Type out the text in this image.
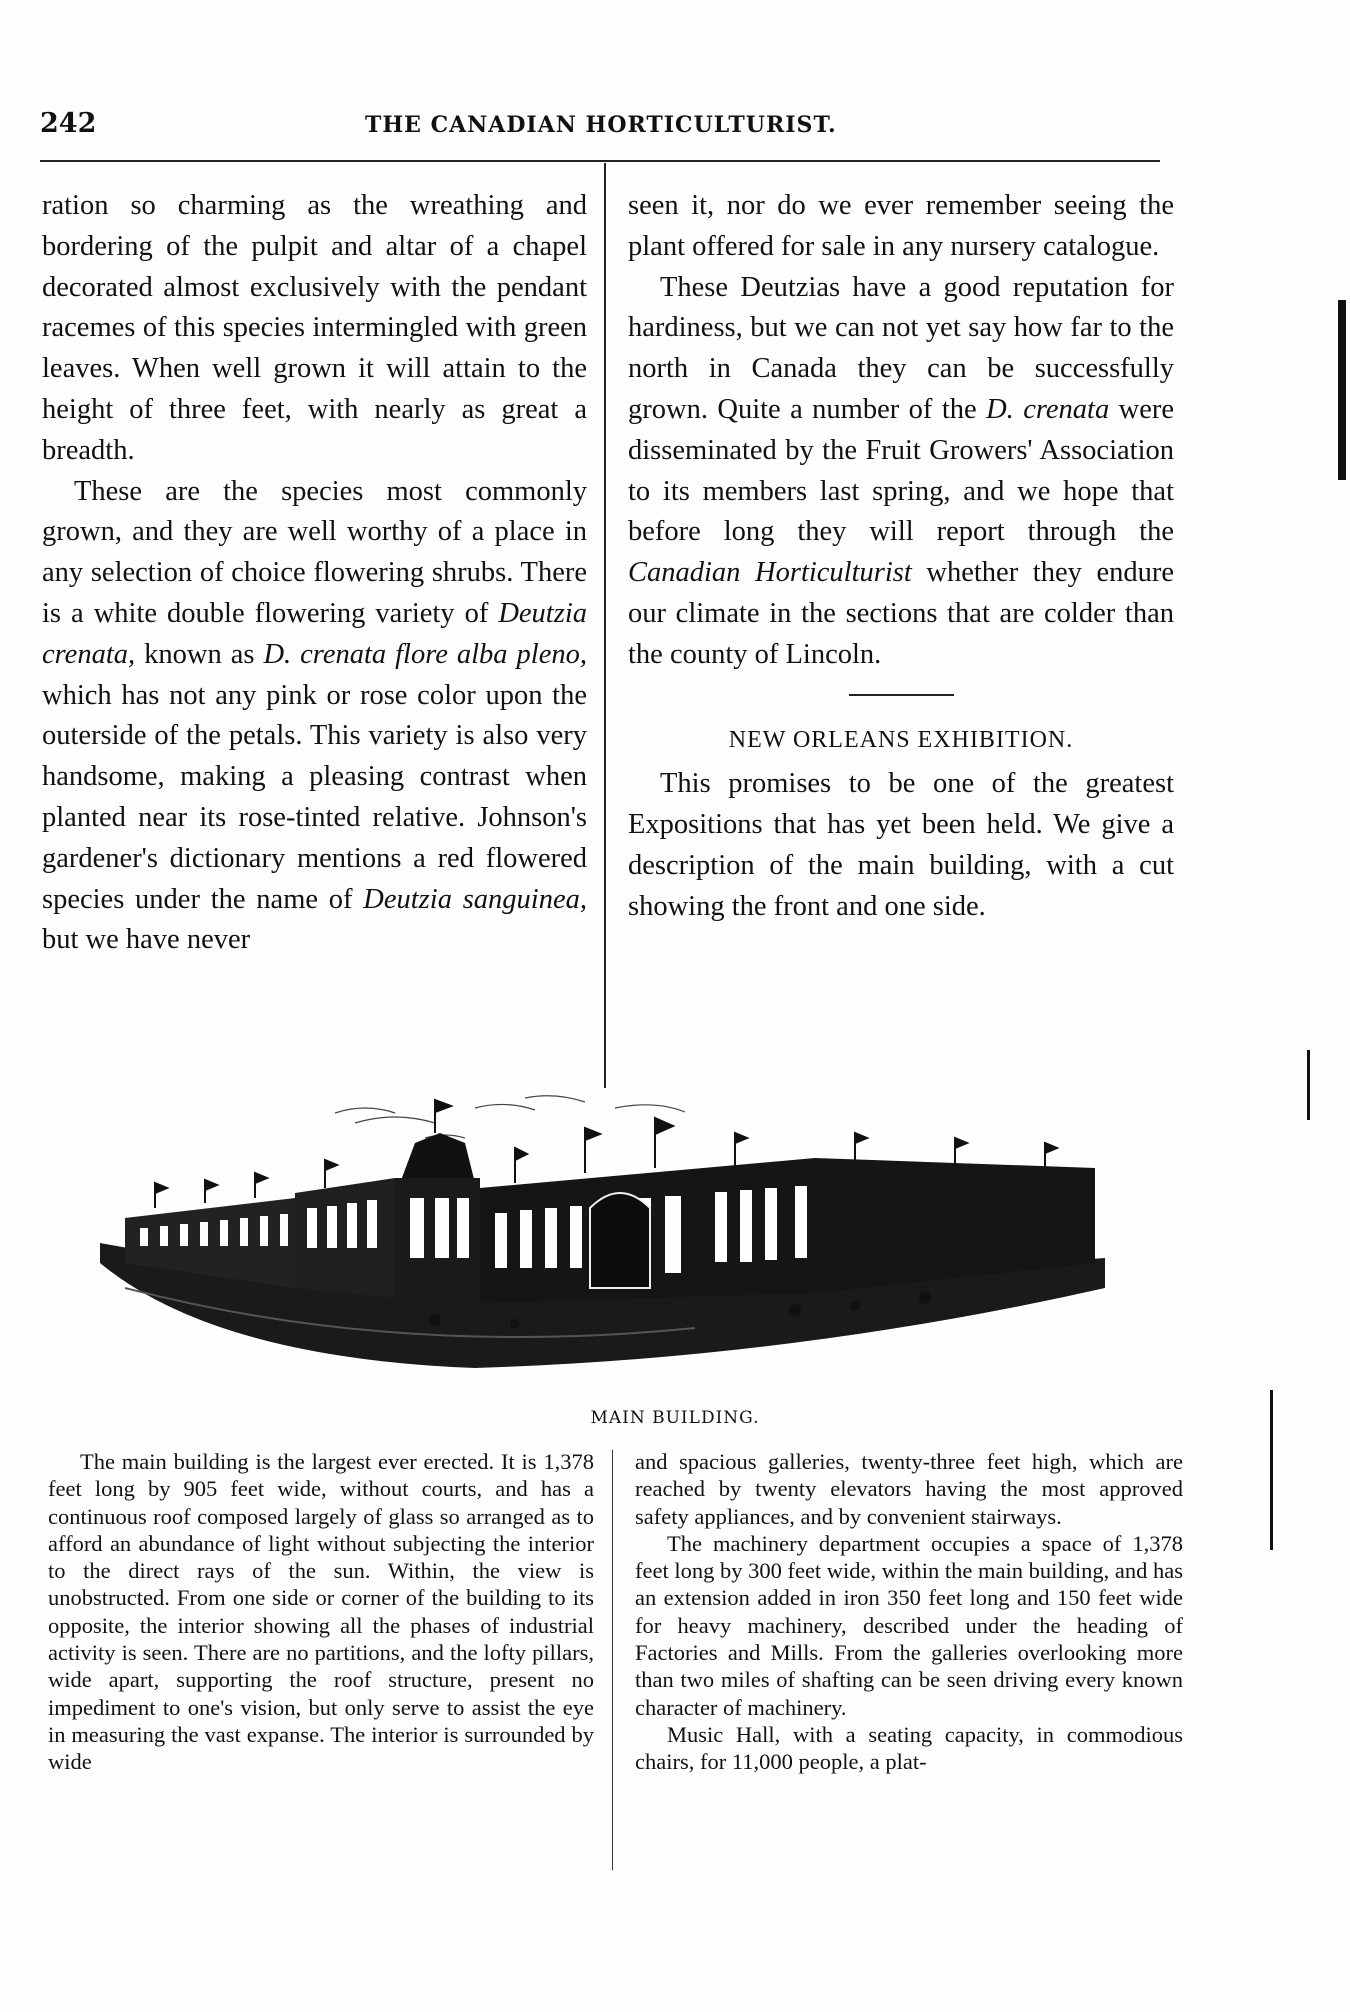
242	THE CANADIAN HORTICULTURIST.

ration so charming as the wreathing and bordering of the pulpit and altar of a chapel decorated almost exclusively with the pendant racemes of this species intermingled with green leaves. When well grown it will attain to the height of three feet, with nearly as great a breadth.

These are the species most commonly grown, and they are well worthy of a place in any selection of choice flowering shrubs. There is a white double flowering variety of Deutzia crenata, known as D. crenata flore alba pleno, which has not any pink or rose color upon the outerside of the petals. This variety is also very handsome, making a pleasing contrast when planted near its rose-tinted relative. Johnson's gardener's dictionary mentions a red flowered species under the name of Deutzia sanguinea, but we have never

seen it, nor do we ever remember seeing the plant offered for sale in any nursery catalogue.

These Deutzias have a good reputation for hardiness, but we can not yet say how far to the north in Canada they can be successfully grown. Quite a number of the D. crenata were disseminated by the Fruit Growers' Association to its members last spring, and we hope that before long they will report through the Canadian Horticulturist whether they endure our climate in the sections that are colder than the county of Lincoln.

NEW ORLEANS EXHIBITION.

This promises to be one of the greatest Expositions that has yet been held. We give a description of the main building, with a cut showing the front and one side.

MAIN BUILDING.

The main building is the largest ever erected. It is 1,378 feet long by 905 feet wide, without courts, and has a continuous roof composed largely of glass so arranged as to afford an abundance of light without subjecting the interior to the direct rays of the sun. Within, the view is unobstructed. From one side or corner of the building to its opposite, the interior showing all the phases of industrial activity is seen. There are no partitions, and the lofty pillars, wide apart, supporting the roof structure, present no impediment to one's vision, but only serve to assist the eye in measuring the vast expanse. The interior is surrounded by wide

and spacious galleries, twenty-three feet high, which are reached by twenty elevators having the most approved safety appliances, and by convenient stairways.

The machinery department occupies a space of 1,378 feet long by 300 feet wide, within the main building, and has an extension added in iron 350 feet long and 150 feet wide for heavy machinery, described under the heading of Factories and Mills. From the galleries overlooking more than two miles of shafting can be seen driving every known character of machinery.

Music Hall, with a seating capacity, in commodious chairs, for 11,000 people, a plat-
